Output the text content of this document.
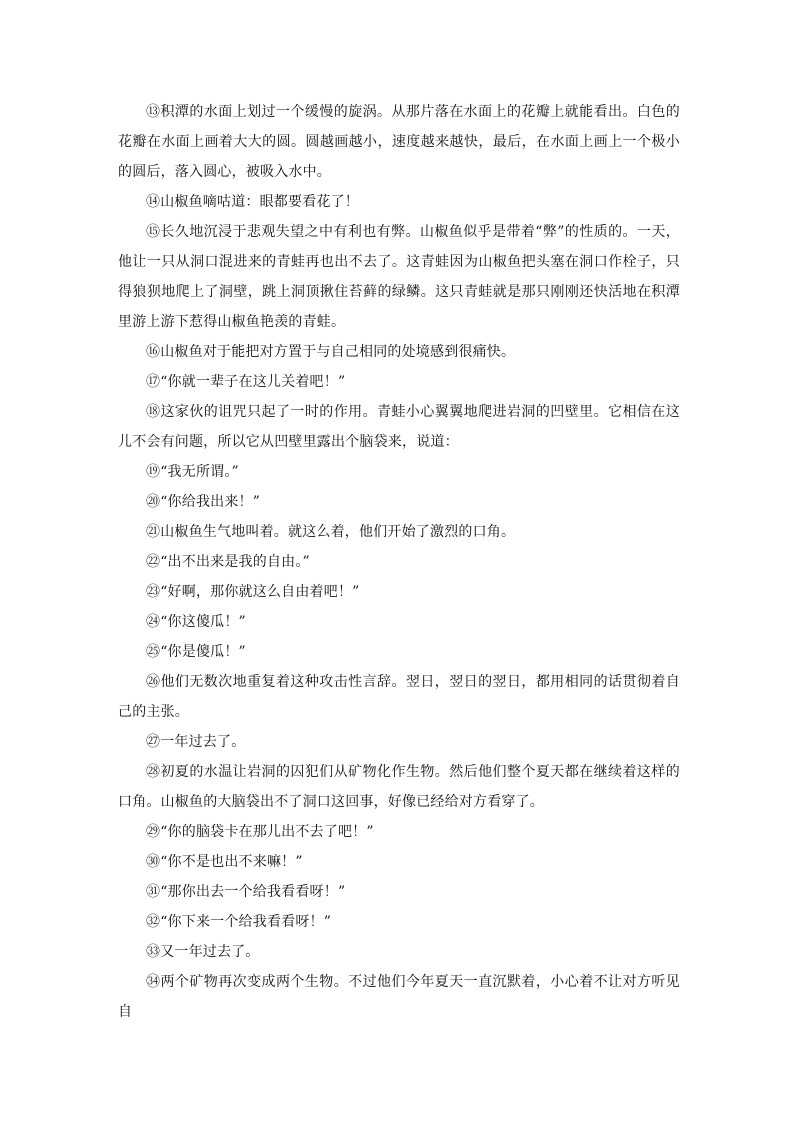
⑬积潭的水面上划过一个缓慢的旋涡。从那片落在水面上的花瓣上就能看出。白色的花瓣在水面上画着大大的圆。圆越画越小，速度越来越快，最后，在水面上画上一个极小的圆后，落入圆心，被吸入水中。

⑭山椒鱼嘀咕道：眼都要看花了！

⑮长久地沉浸于悲观失望之中有利也有弊。山椒鱼似乎是带着“弊”的性质的。一天，他让一只从洞口混进来的青蛙再也出不去了。这青蛙因为山椒鱼把头塞在洞口作栓子，只得狼狈地爬上了洞壁，跳上洞顶揪住苔藓的绿鳞。这只青蛙就是那只刚刚还快活地在积潭里游上游下惹得山椒鱼艳羡的青蛙。

⑯山椒鱼对于能把对方置于与自己相同的处境感到很痛快。

⑰“你就一辈子在这儿关着吧！”

⑱这家伙的诅咒只起了一时的作用。青蛙小心翼翼地爬进岩洞的凹壁里。它相信在这儿不会有问题，所以它从凹壁里露出个脑袋来，说道：

⑲“我无所谓。”

⑳“你给我出来！”

㉑山椒鱼生气地叫着。就这么着，他们开始了激烈的口角。

㉒“出不出来是我的自由。”

㉓“好啊，那你就这么自由着吧！”

㉔“你这傻瓜！”

㉕“你是傻瓜！”

㉖他们无数次地重复着这种攻击性言辞。翌日，翌日的翌日，都用相同的话贯彻着自己的主张。

㉗一年过去了。

㉘初夏的水温让岩洞的囚犯们从矿物化作生物。然后他们整个夏天都在继续着这样的口角。山椒鱼的大脑袋出不了洞口这回事，好像已经给对方看穿了。

㉙“你的脑袋卡在那儿出不去了吧！”

㉚“你不是也出不来嘛！”

㉛“那你出去一个给我看看呀！”

㉜“你下来一个给我看看呀！”

㉝又一年过去了。

㉞两个矿物再次变成两个生物。不过他们今年夏天一直沉默着，小心着不让对方听见自
